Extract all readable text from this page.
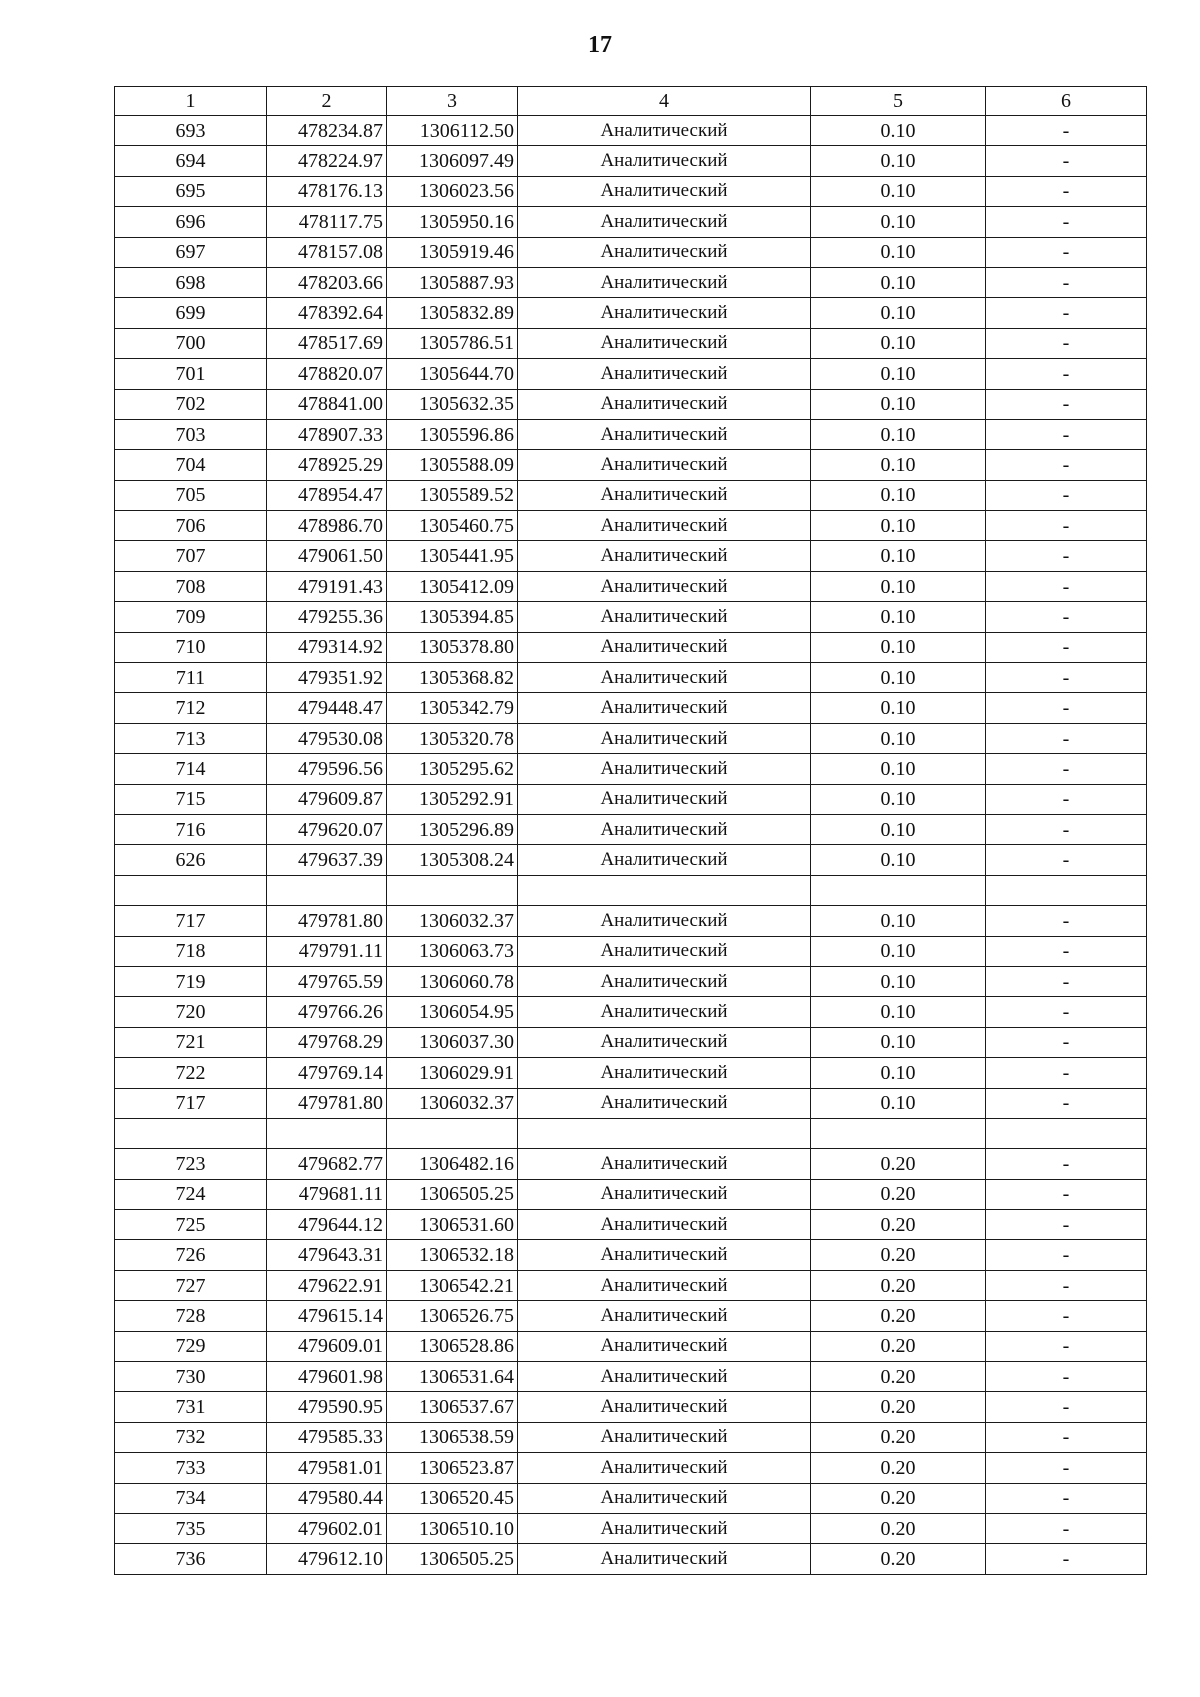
17
1	2	3	4	5	6
693	478234.87	1306112.50	Аналитический	0.10	-
694	478224.97	1306097.49	Аналитический	0.10	-
695	478176.13	1306023.56	Аналитический	0.10	-
696	478117.75	1305950.16	Аналитический	0.10	-
697	478157.08	1305919.46	Аналитический	0.10	-
698	478203.66	1305887.93	Аналитический	0.10	-
699	478392.64	1305832.89	Аналитический	0.10	-
700	478517.69	1305786.51	Аналитический	0.10	-
701	478820.07	1305644.70	Аналитический	0.10	-
702	478841.00	1305632.35	Аналитический	0.10	-
703	478907.33	1305596.86	Аналитический	0.10	-
704	478925.29	1305588.09	Аналитический	0.10	-
705	478954.47	1305589.52	Аналитический	0.10	-
706	478986.70	1305460.75	Аналитический	0.10	-
707	479061.50	1305441.95	Аналитический	0.10	-
708	479191.43	1305412.09	Аналитический	0.10	-
709	479255.36	1305394.85	Аналитический	0.10	-
710	479314.92	1305378.80	Аналитический	0.10	-
711	479351.92	1305368.82	Аналитический	0.10	-
712	479448.47	1305342.79	Аналитический	0.10	-
713	479530.08	1305320.78	Аналитический	0.10	-
714	479596.56	1305295.62	Аналитический	0.10	-
715	479609.87	1305292.91	Аналитический	0.10	-
716	479620.07	1305296.89	Аналитический	0.10	-
626	479637.39	1305308.24	Аналитический	0.10	-

717	479781.80	1306032.37	Аналитический	0.10	-
718	479791.11	1306063.73	Аналитический	0.10	-
719	479765.59	1306060.78	Аналитический	0.10	-
720	479766.26	1306054.95	Аналитический	0.10	-
721	479768.29	1306037.30	Аналитический	0.10	-
722	479769.14	1306029.91	Аналитический	0.10	-
717	479781.80	1306032.37	Аналитический	0.10	-

723	479682.77	1306482.16	Аналитический	0.20	-
724	479681.11	1306505.25	Аналитический	0.20	-
725	479644.12	1306531.60	Аналитический	0.20	-
726	479643.31	1306532.18	Аналитический	0.20	-
727	479622.91	1306542.21	Аналитический	0.20	-
728	479615.14	1306526.75	Аналитический	0.20	-
729	479609.01	1306528.86	Аналитический	0.20	-
730	479601.98	1306531.64	Аналитический	0.20	-
731	479590.95	1306537.67	Аналитический	0.20	-
732	479585.33	1306538.59	Аналитический	0.20	-
733	479581.01	1306523.87	Аналитический	0.20	-
734	479580.44	1306520.45	Аналитический	0.20	-
735	479602.01	1306510.10	Аналитический	0.20	-
736	479612.10	1306505.25	Аналитический	0.20	-
